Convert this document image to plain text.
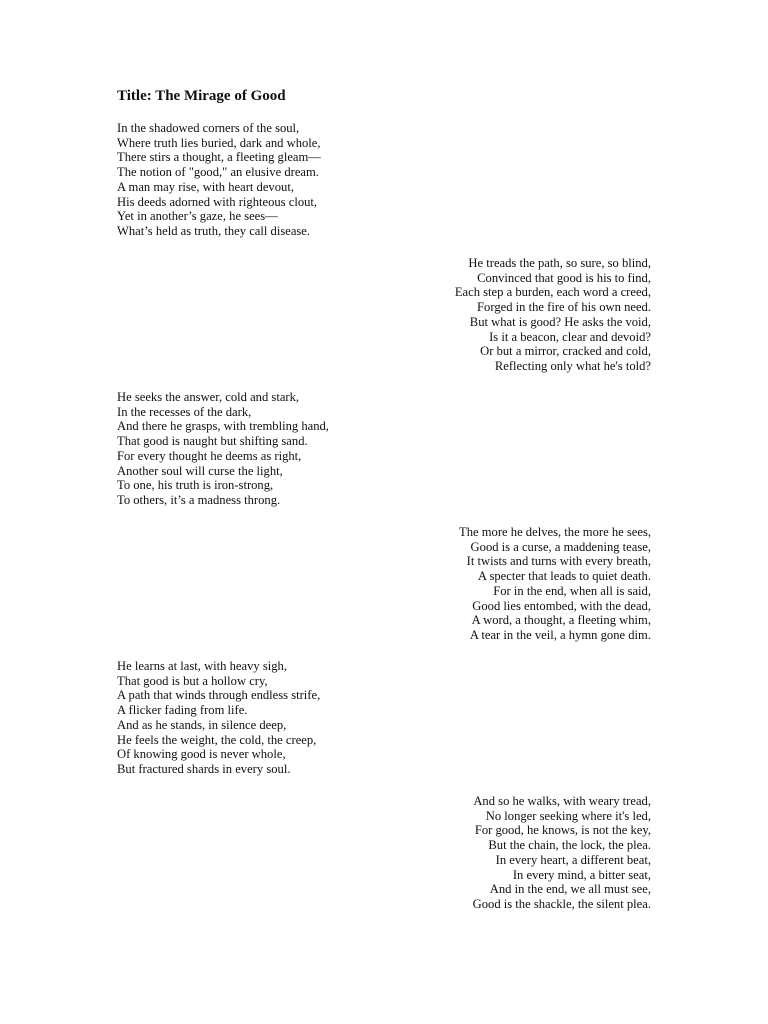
Title: The Mirage of Good
In the shadowed corners of the soul,
Where truth lies buried, dark and whole,
There stirs a thought, a fleeting gleam—
The notion of "good," an elusive dream.
A man may rise, with heart devout,
His deeds adorned with righteous clout,
Yet in another’s gaze, he sees—
What’s held as truth, they call disease.
He treads the path, so sure, so blind,
Convinced that good is his to find,
Each step a burden, each word a creed,
Forged in the fire of his own need.
But what is good? He asks the void,
Is it a beacon, clear and devoid?
Or but a mirror, cracked and cold,
Reflecting only what he's told?
He seeks the answer, cold and stark,
In the recesses of the dark,
And there he grasps, with trembling hand,
That good is naught but shifting sand.
For every thought he deems as right,
Another soul will curse the light,
To one, his truth is iron-strong,
To others, it’s a madness throng.
The more he delves, the more he sees,
Good is a curse, a maddening tease,
It twists and turns with every breath,
A specter that leads to quiet death.
For in the end, when all is said,
Good lies entombed, with the dead,
A word, a thought, a fleeting whim,
A tear in the veil, a hymn gone dim.
He learns at last, with heavy sigh,
That good is but a hollow cry,
A path that winds through endless strife,
A flicker fading from life.
And as he stands, in silence deep,
He feels the weight, the cold, the creep,
Of knowing good is never whole,
But fractured shards in every soul.
And so he walks, with weary tread,
No longer seeking where it's led,
For good, he knows, is not the key,
But the chain, the lock, the plea.
In every heart, a different beat,
In every mind, a bitter seat,
And in the end, we all must see,
Good is the shackle, the silent plea.
